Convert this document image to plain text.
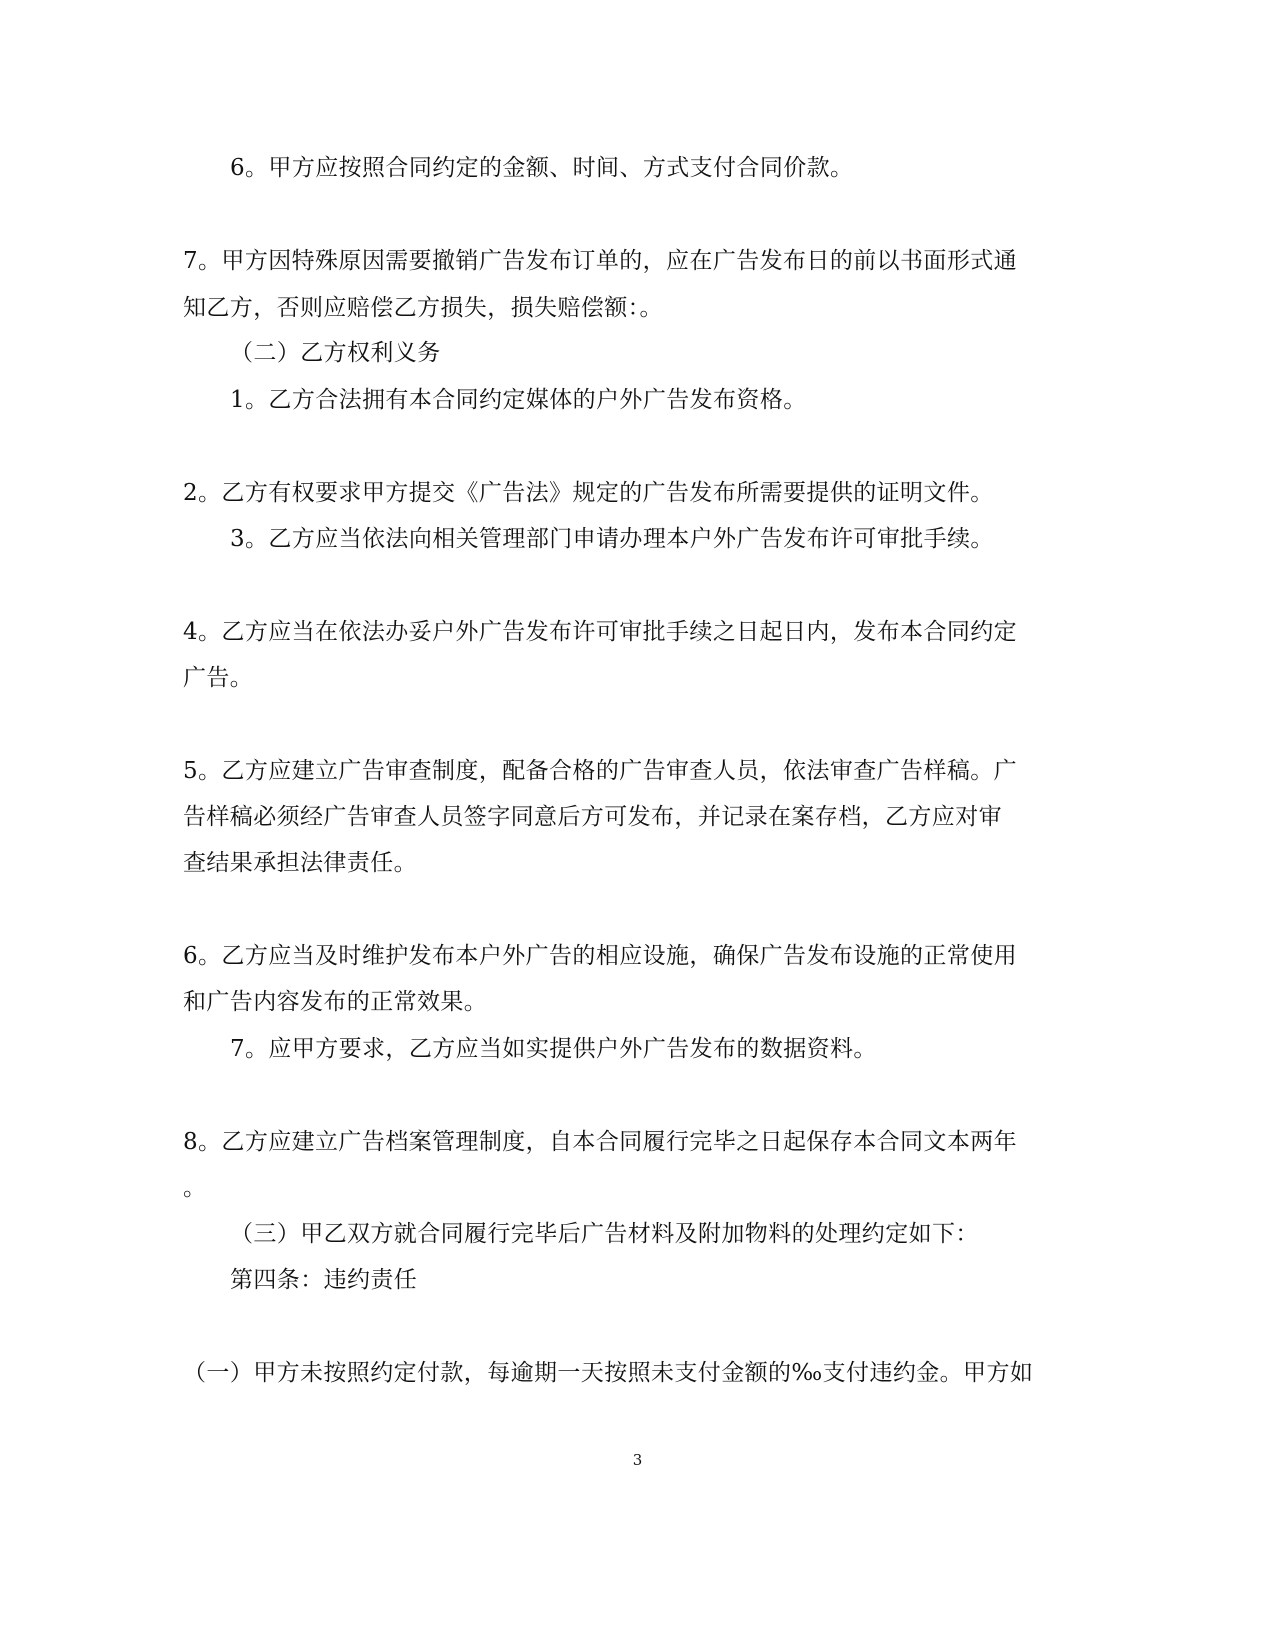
6。甲方应按照合同约定的金额、时间、方式支付合同价款。
7。甲方因特殊原因需要撤销广告发布订单的，应在广告发布日的前以书面形式通
知乙方，否则应赔偿乙方损失，损失赔偿额：。
（二）乙方权利义务
1。乙方合法拥有本合同约定媒体的户外广告发布资格。
2。乙方有权要求甲方提交《广告法》规定的广告发布所需要提供的证明文件。
3。乙方应当依法向相关管理部门申请办理本户外广告发布许可审批手续。
4。乙方应当在依法办妥户外广告发布许可审批手续之日起日内，发布本合同约定
广告。
5。乙方应建立广告审查制度，配备合格的广告审查人员，依法审查广告样稿。广
告样稿必须经广告审查人员签字同意后方可发布，并记录在案存档，乙方应对审
查结果承担法律责任。
6。乙方应当及时维护发布本户外广告的相应设施，确保广告发布设施的正常使用
和广告内容发布的正常效果。
7。应甲方要求，乙方应当如实提供户外广告发布的数据资料。
8。乙方应建立广告档案管理制度，自本合同履行完毕之日起保存本合同文本两年
。
（三）甲乙双方就合同履行完毕后广告材料及附加物料的处理约定如下：
第四条：违约责任
（一）甲方未按照约定付款，每逾期一天按照未支付金额的‰支付违约金。甲方如
3
